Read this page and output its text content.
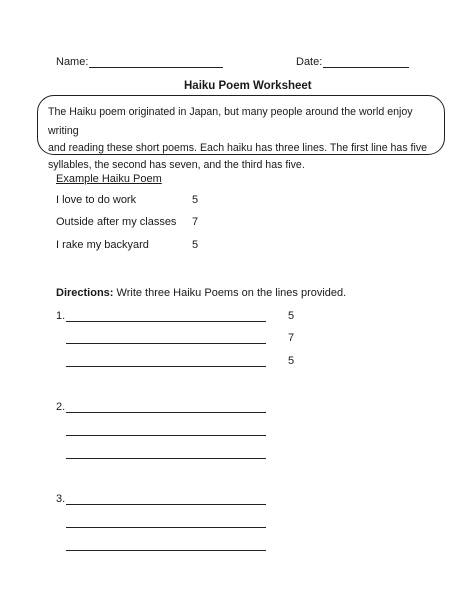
Name:	Date:
Haiku Poem Worksheet
The Haiku poem originated in Japan, but many people around the world enjoy writing
and reading these short poems. Each haiku has three lines. The first line has five
syllables, the second has seven, and the third has five.
Example Haiku Poem
I love to do work	5
Outside after my classes 7
I rake my backyard	5
Directions: Write three Haiku Poems on the lines provided.
1.	5
7
5
2.
3.
